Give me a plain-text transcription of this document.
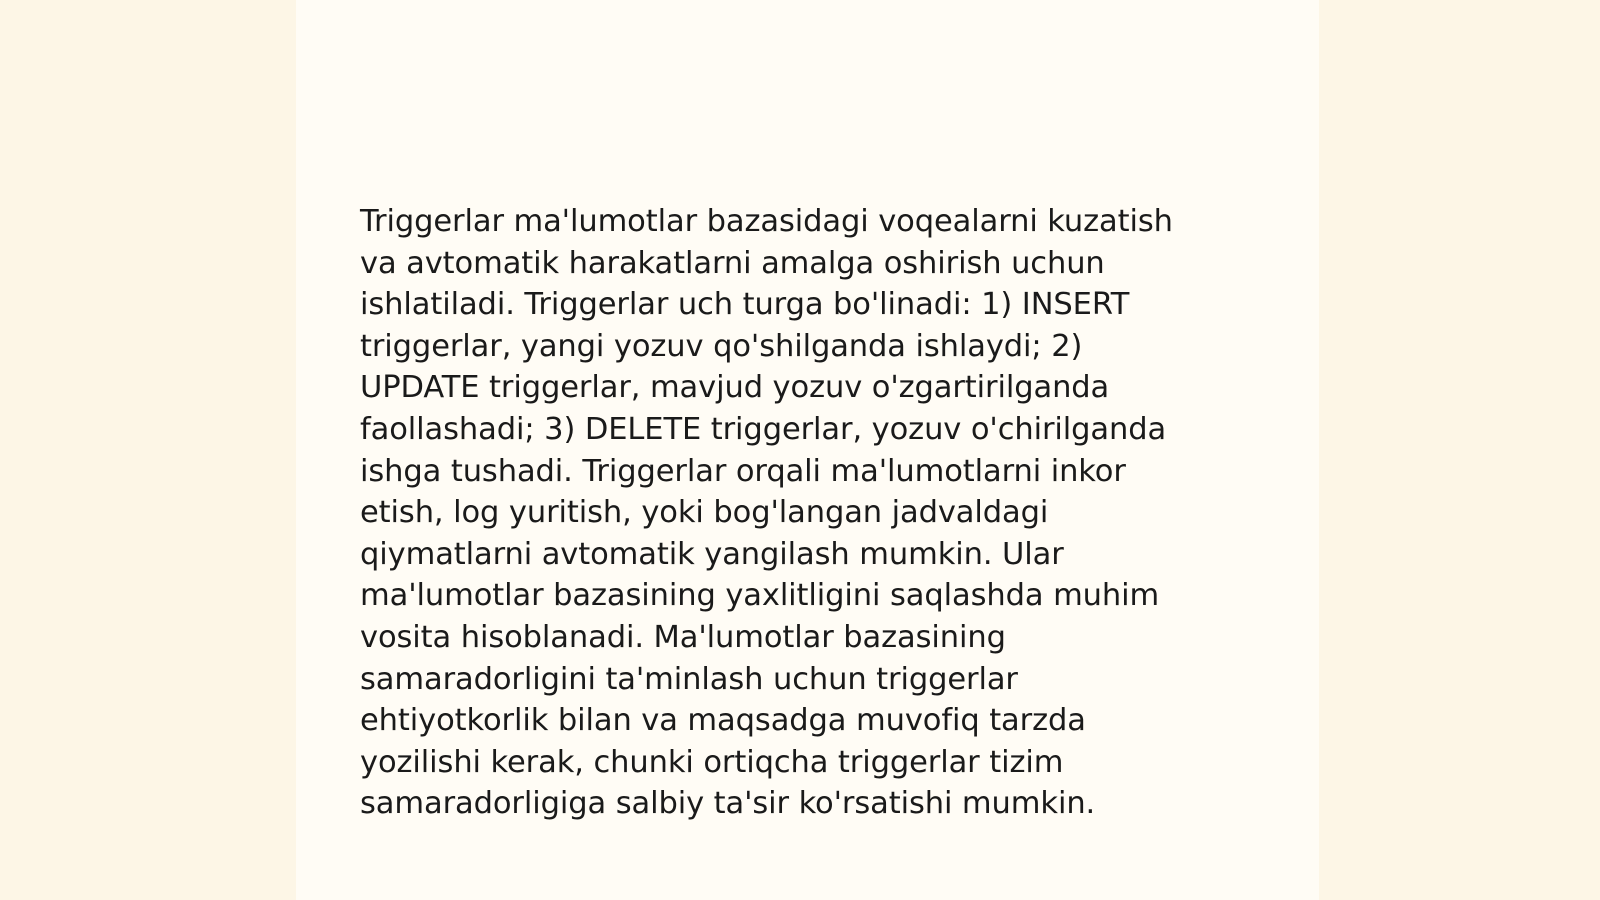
Triggerlar ma'lumotlar bazasidagi voqealarni kuzatish
va avtomatik harakatlarni amalga oshirish uchun
ishlatiladi. Triggerlar uch turga bo'linadi: 1) INSERT
triggerlar, yangi yozuv qo'shilganda ishlaydi; 2)
UPDATE triggerlar, mavjud yozuv o'zgartirilganda
faollashadi; 3) DELETE triggerlar, yozuv o'chirilganda
ishga tushadi. Triggerlar orqali ma'lumotlarni inkor
etish, log yuritish, yoki bog'langan jadvaldagi
qiymatlarni avtomatik yangilash mumkin. Ular
ma'lumotlar bazasining yaxlitligini saqlashda muhim
vosita hisoblanadi. Ma'lumotlar bazasining
samaradorligini ta'minlash uchun triggerlar
ehtiyotkorlik bilan va maqsadga muvofiq tarzda
yozilishi kerak, chunki ortiqcha triggerlar tizim
samaradorligiga salbiy ta'sir ko'rsatishi mumkin.
